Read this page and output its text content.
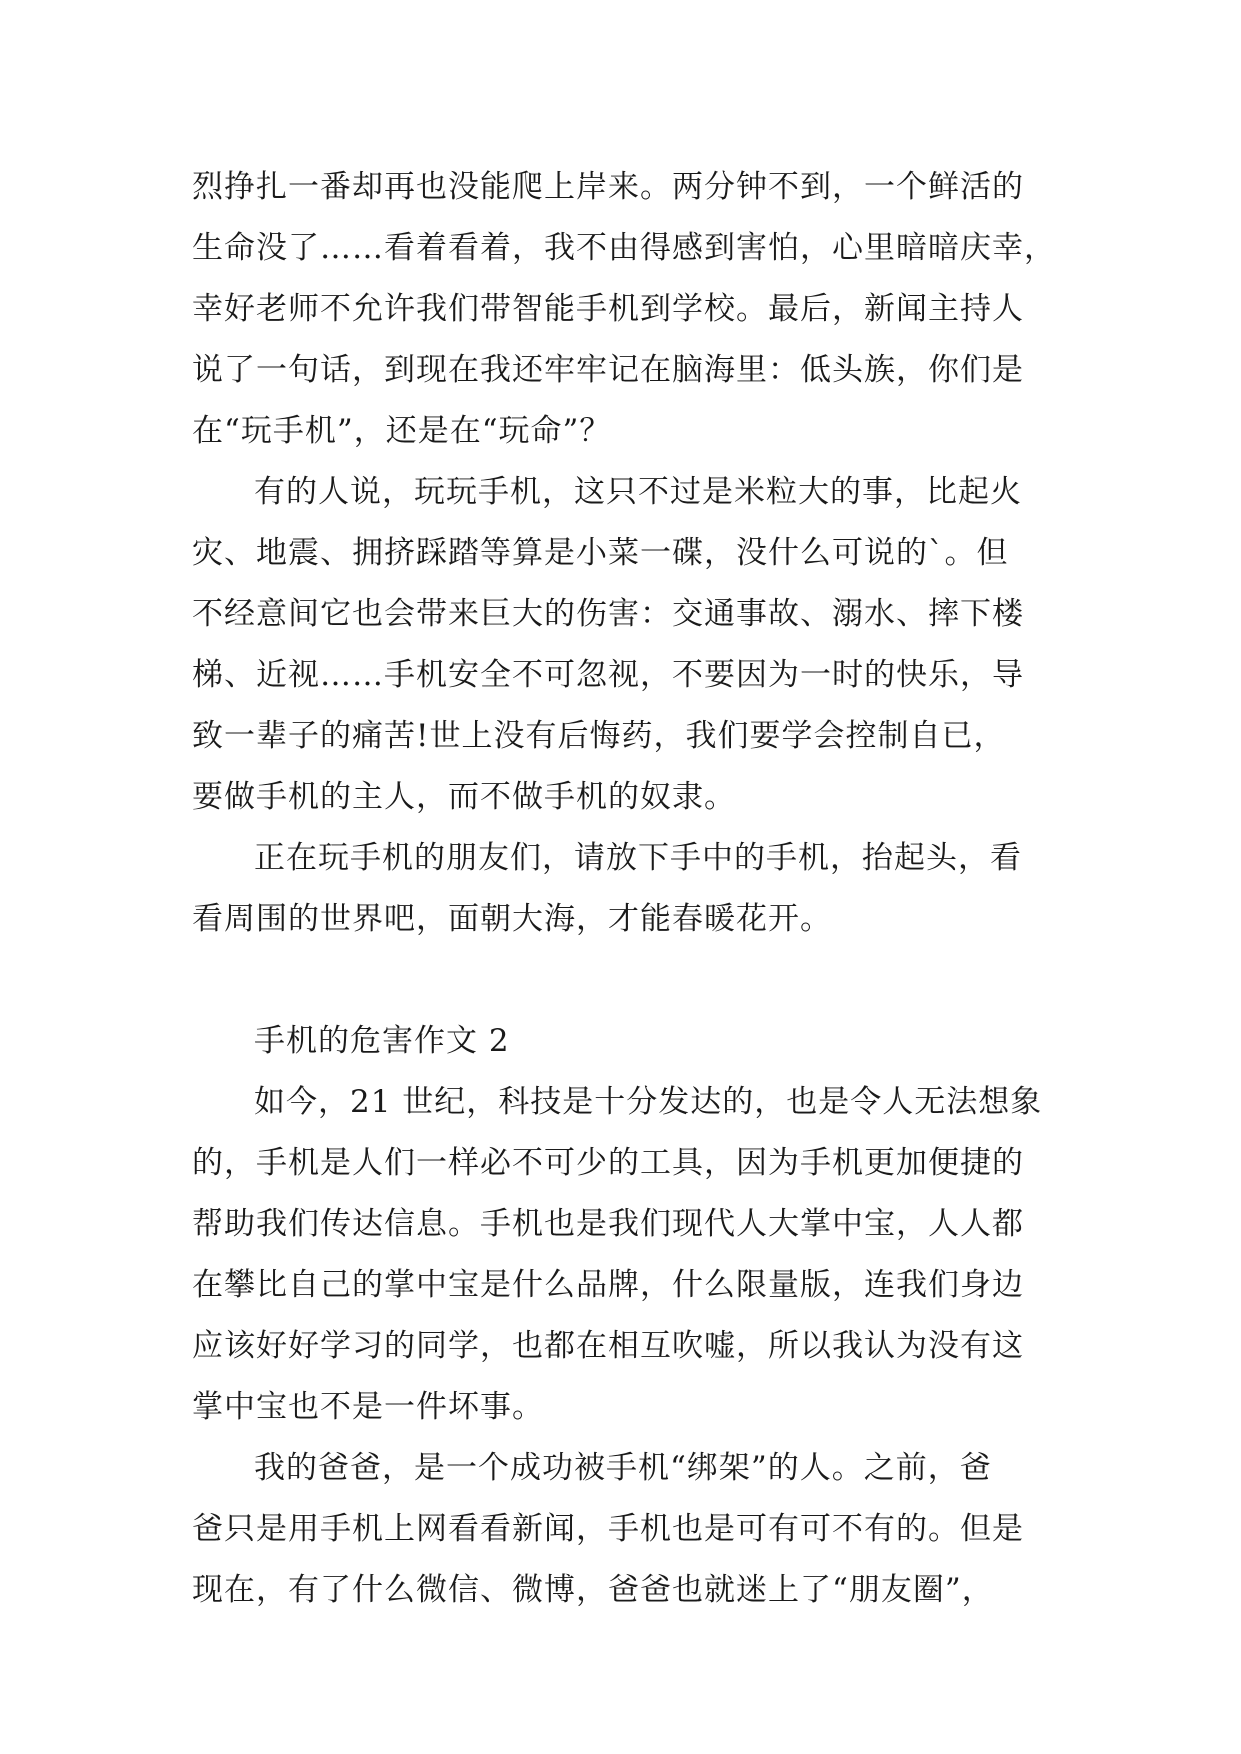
烈挣扎一番却再也没能爬上岸来。两分钟不到，一个鲜活的
生命没了……看着看着，我不由得感到害怕，心里暗暗庆幸，
幸好老师不允许我们带智能手机到学校。最后，新闻主持人
说了一句话，到现在我还牢牢记在脑海里：低头族，你们是
在“玩手机”，还是在“玩命”？
有的人说，玩玩手机，这只不过是米粒大的事，比起火
灾、地震、拥挤踩踏等算是小菜一碟，没什么可说的`。但
不经意间它也会带来巨大的伤害：交通事故、溺水、摔下楼
梯、近视……手机安全不可忽视，不要因为一时的快乐，导
致一辈子的痛苦!世上没有后悔药，我们要学会控制自已，
要做手机的主人，而不做手机的奴隶。
正在玩手机的朋友们，请放下手中的手机，抬起头，看
看周围的世界吧，面朝大海，才能春暖花开。
手机的危害作文 2
如今，21 世纪，科技是十分发达的，也是令人无法想象
的，手机是人们一样必不可少的工具，因为手机更加便捷的
帮助我们传达信息。手机也是我们现代人大掌中宝，人人都
在攀比自己的掌中宝是什么品牌，什么限量版，连我们身边
应该好好学习的同学，也都在相互吹嘘，所以我认为没有这
掌中宝也不是一件坏事。
我的爸爸，是一个成功被手机“绑架”的人。之前，爸
爸只是用手机上网看看新闻，手机也是可有可不有的。但是
现在，有了什么微信、微博，爸爸也就迷上了“朋友圈”，
